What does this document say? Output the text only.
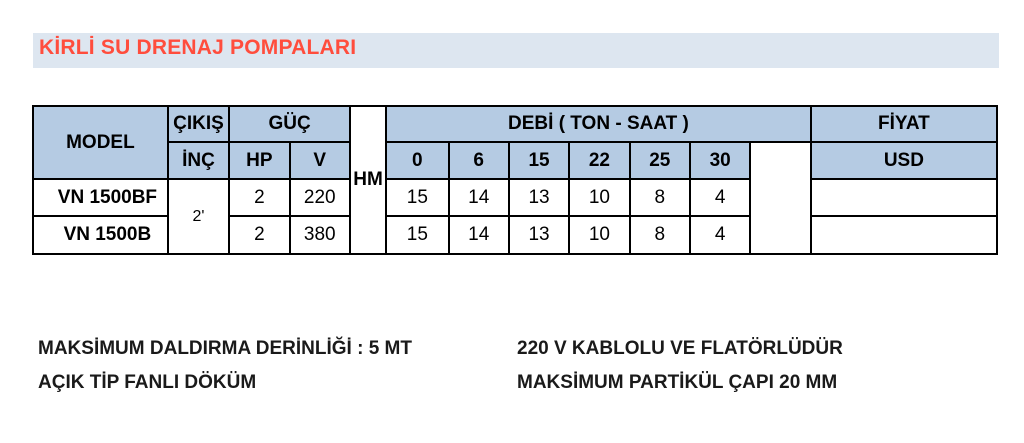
KİRLİ SU DRENAJ POMPALARI
MODEL	ÇIKIŞ	GÜÇ		HM	DEBİ ( TON - SAAT )							FİYAT
	İNÇ	HP	V		0	6	15	22	25	30		USD
VN 1500BF	2'	2	220		15	14	13	10	8	4		
VN 1500B		2	380		15	14	13	10	8	4		
MAKSİMUM DALDIRMA DERİNLİĞİ : 5 MT
AÇIK TİP FANLI DÖKÜM
220 V KABLOLU VE FLATÖRLÜDÜR
MAKSİMUM PARTİKÜL ÇAPI 20 MM
